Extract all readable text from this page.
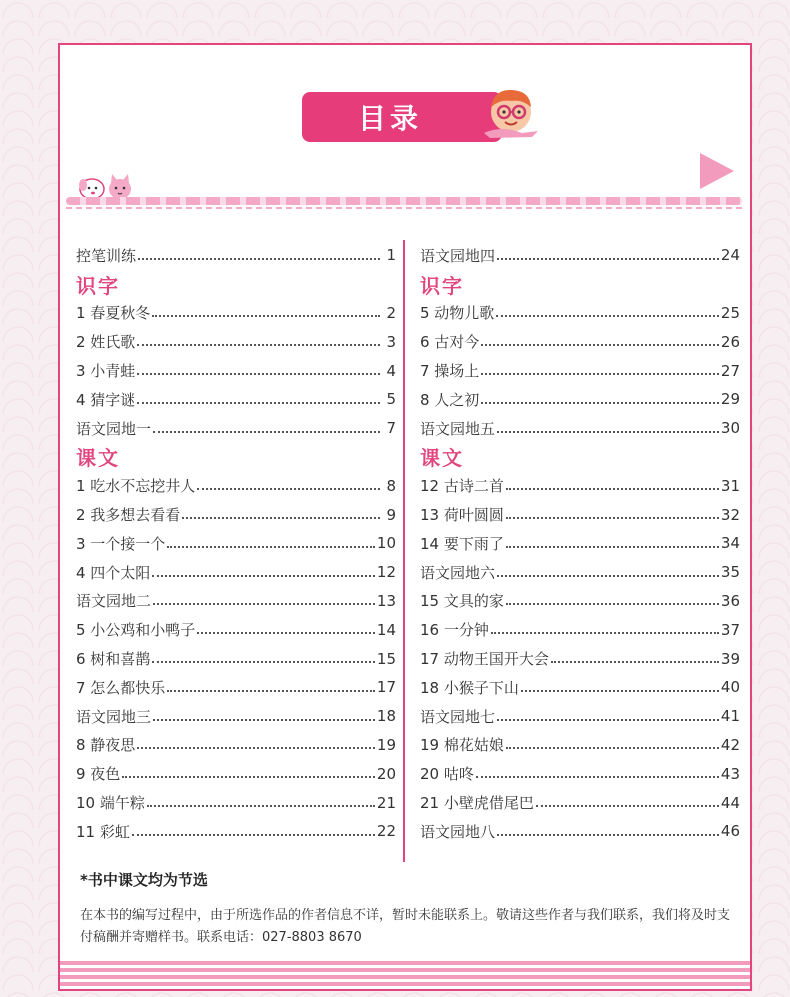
目录
控笔训练	1
识字
1 春夏秋冬	2
2 姓氏歌	3
3 小青蛙	4
4 猜字谜	5
语文园地一	7
课文
1 吃水不忘挖井人	8
2 我多想去看看	9
3 一个接一个	10
4 四个太阳	12
语文园地二	13
5 小公鸡和小鸭子	14
6 树和喜鹊	15
7 怎么都快乐	17
语文园地三	18
8 静夜思	19
9 夜色	20
10 端午粽	21
11 彩虹	22
语文园地四	24
识字
5 动物儿歌	25
6 古对今	26
7 操场上	27
8 人之初	29
语文园地五	30
课文
12 古诗二首	31
13 荷叶圆圆	32
14 要下雨了	34
语文园地六	35
15 文具的家	36
16 一分钟	37
17 动物王国开大会	39
18 小猴子下山	40
语文园地七	41
19 棉花姑娘	42
20 咕咚	43
21 小壁虎借尾巴	44
语文园地八	46
*书中课文均为节选
在本书的编写过程中，由于所选作品的作者信息不详，暂时未能联系上。敬请这些作者与我们联系，我们将及时支付稿酬并寄赠样书。联系电话：027-8803 8670
